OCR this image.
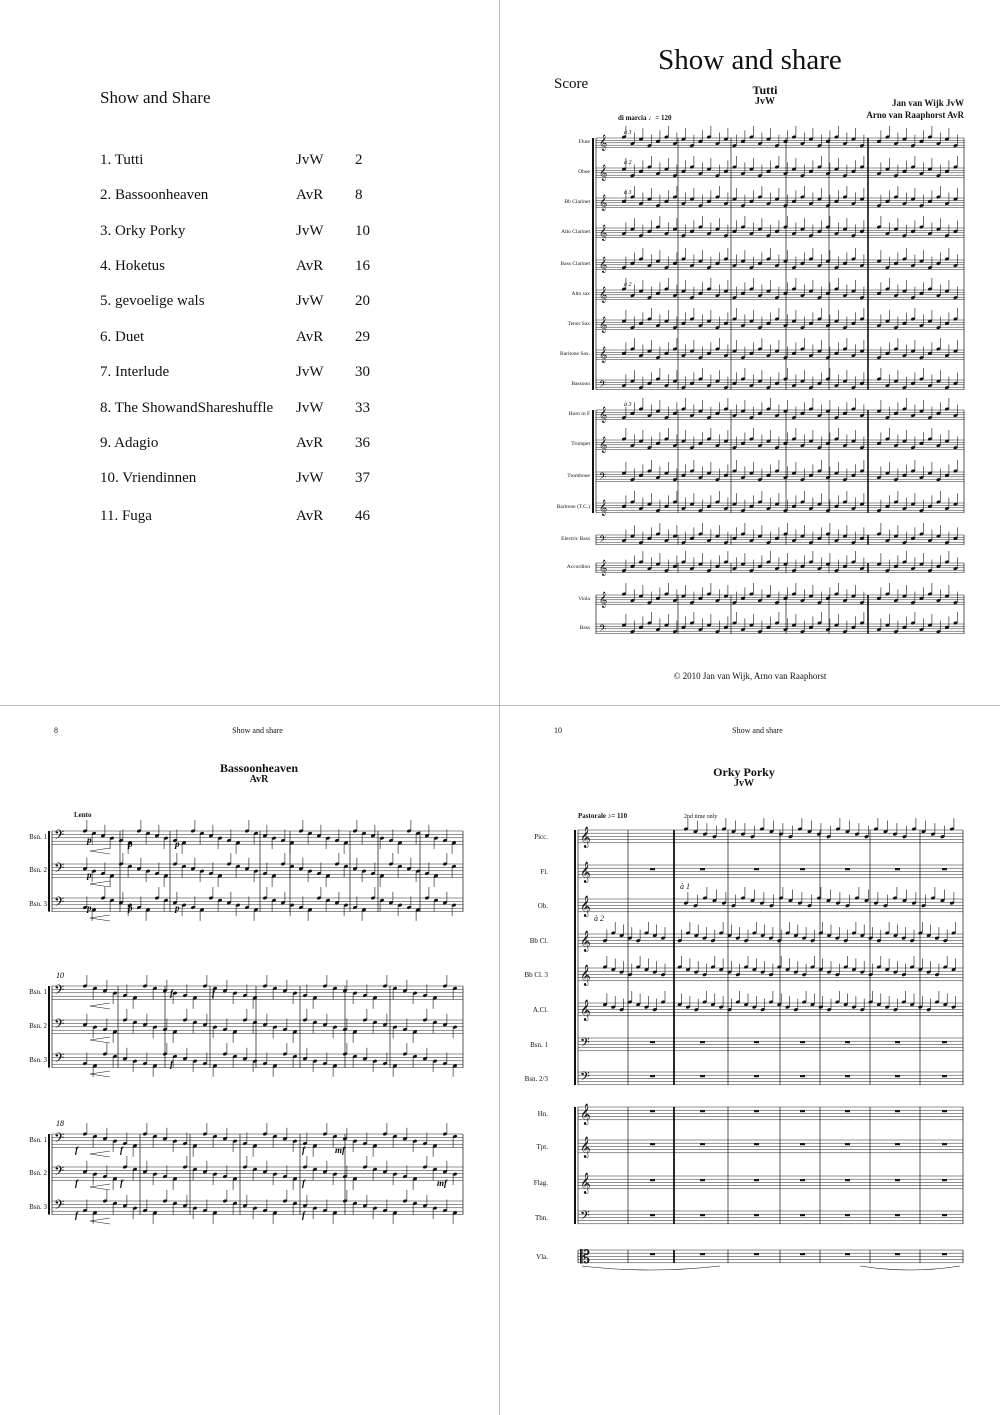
Show and Share
1. Tutti	JvW 2
2. Bassoonheaven	AvR 8
3. Orky Porky	JvW 10
4. Hoketus	AvR 16
5. gevoelige wals	JvW 20
6. Duet	AvR 29
7. Interlude	JvW 30
8. The ShowandShareshuffle JvW 33
9. Adagio	AvR 36
10. Vriendinnen	JvW 37
11. Fuga	AvR 46
Show and share
Score	Tutti
JvW	Jan van Wijk JvW
Arno van Raaphorst AvR
di marcia ♩= 120
Flute
Oboe
Bb Clarinet
Alto Clarinet
Bass Clarinet
Alto sax
Tenor Sax
Baritone Sax.
Bassoon
Horn in F
Trumpet
Trombone
Baritone (T.C.)
Electric Bass
Accordion
Viola
Bass
𝄞
𝄞
𝄞
𝄞
𝄞
𝄞
𝄞
𝄞
𝄢
𝄞
𝄞
𝄢
𝄞
𝄢
𝄞
𝄞
𝄢
à 3
à 2
à 3
à 2
à 3
© 2010 Jan van Wijk, Arno van Raaphorst
8	Show and share
Bassoonheaven
AvR
Lento
Bsn. 1
Bsn. 2
Bsn. 3
Bsn. 1
Bsn. 2
Bsn. 3
Bsn. 1
Bsn. 2
Bsn. 3
𝄢
𝄢
𝄢
𝄢
𝄢
𝄢
𝄢
𝄢
𝄢
10
18
p	p	p
p
p	p	p
f	f
f
f	f
f	f
f
f
mf
mf
f	f
10	Show and share
Orky Porky
JvW
Pastorale ♪= 110	2nd time only
à 1
à 2
Picc.
Fl.
Ob.
Bb Cl.
Bb Cl. 3
A.Cl.
Bsn. 1
Bsn. 2/3
Hn.
Tpt.
Flag.
Tbn.
Vla.
𝄞
𝄞
𝄞
𝄞
𝄞
𝄞
𝄢
𝄢
𝄞
𝄞
𝄞
𝄢
𝄡
